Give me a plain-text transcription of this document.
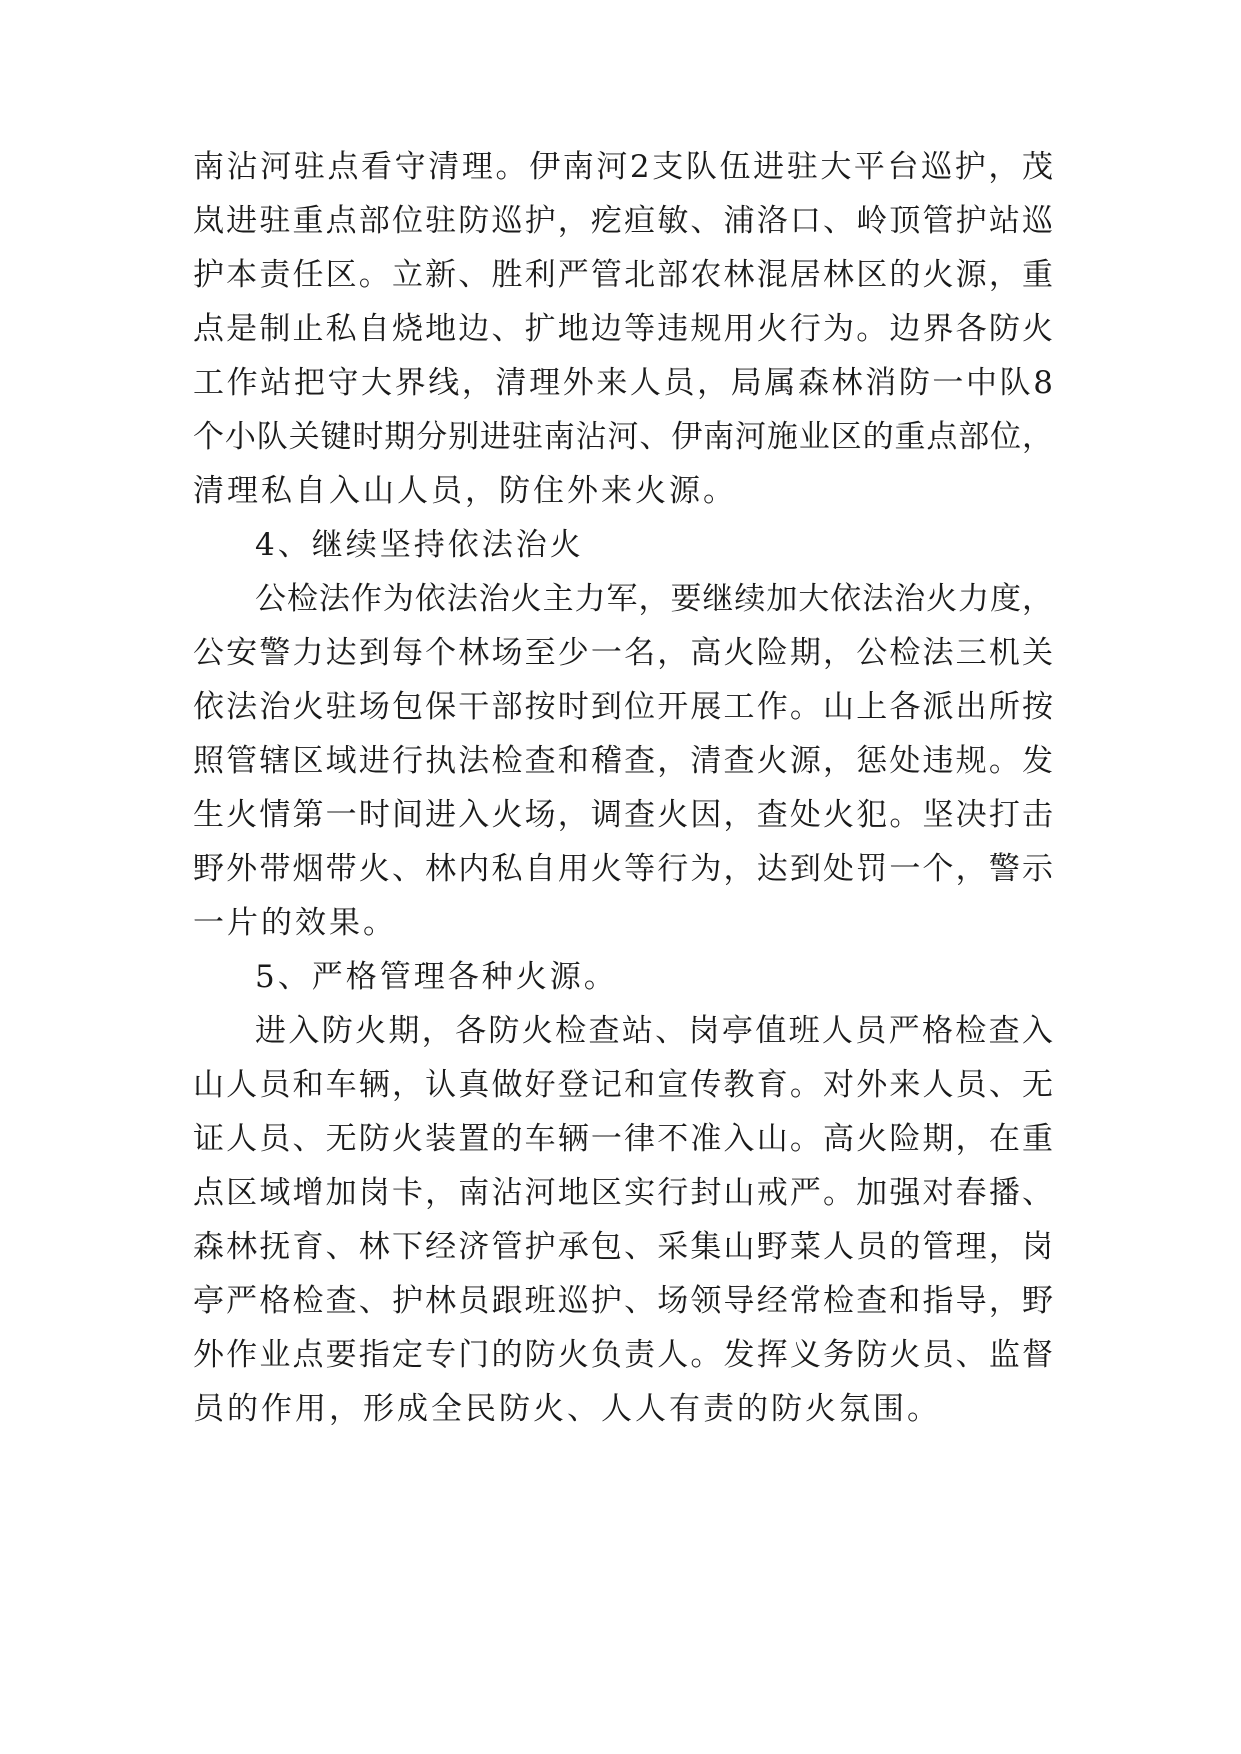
南沾河驻点看守清理。伊南河2支队伍进驻大平台巡护，茂
岚进驻重点部位驻防巡护，疙疸敏、浦洛口、岭顶管护站巡
护本责任区。立新、胜利严管北部农林混居林区的火源，重
点是制止私自烧地边、扩地边等违规用火行为。边界各防火
工作站把守大界线，清理外来人员，局属森林消防一中队8
个小队关键时期分别进驻南沾河、伊南河施业区的重点部位，
清理私自入山人员，防住外来火源。
4、继续坚持依法治火
公检法作为依法治火主力军，要继续加大依法治火力度，
公安警力达到每个林场至少一名，高火险期，公检法三机关
依法治火驻场包保干部按时到位开展工作。山上各派出所按
照管辖区域进行执法检查和稽查，清查火源，惩处违规。发
生火情第一时间进入火场，调查火因，查处火犯。坚决打击
野外带烟带火、林内私自用火等行为，达到处罚一个，警示
一片的效果。
5、严格管理各种火源。
进入防火期，各防火检查站、岗亭值班人员严格检查入
山人员和车辆，认真做好登记和宣传教育。对外来人员、无
证人员、无防火装置的车辆一律不准入山。高火险期，在重
点区域增加岗卡，南沾河地区实行封山戒严。加强对春播、
森林抚育、林下经济管护承包、采集山野菜人员的管理，岗
亭严格检查、护林员跟班巡护、场领导经常检查和指导，野
外作业点要指定专门的防火负责人。发挥义务防火员、监督
员的作用，形成全民防火、人人有责的防火氛围。
